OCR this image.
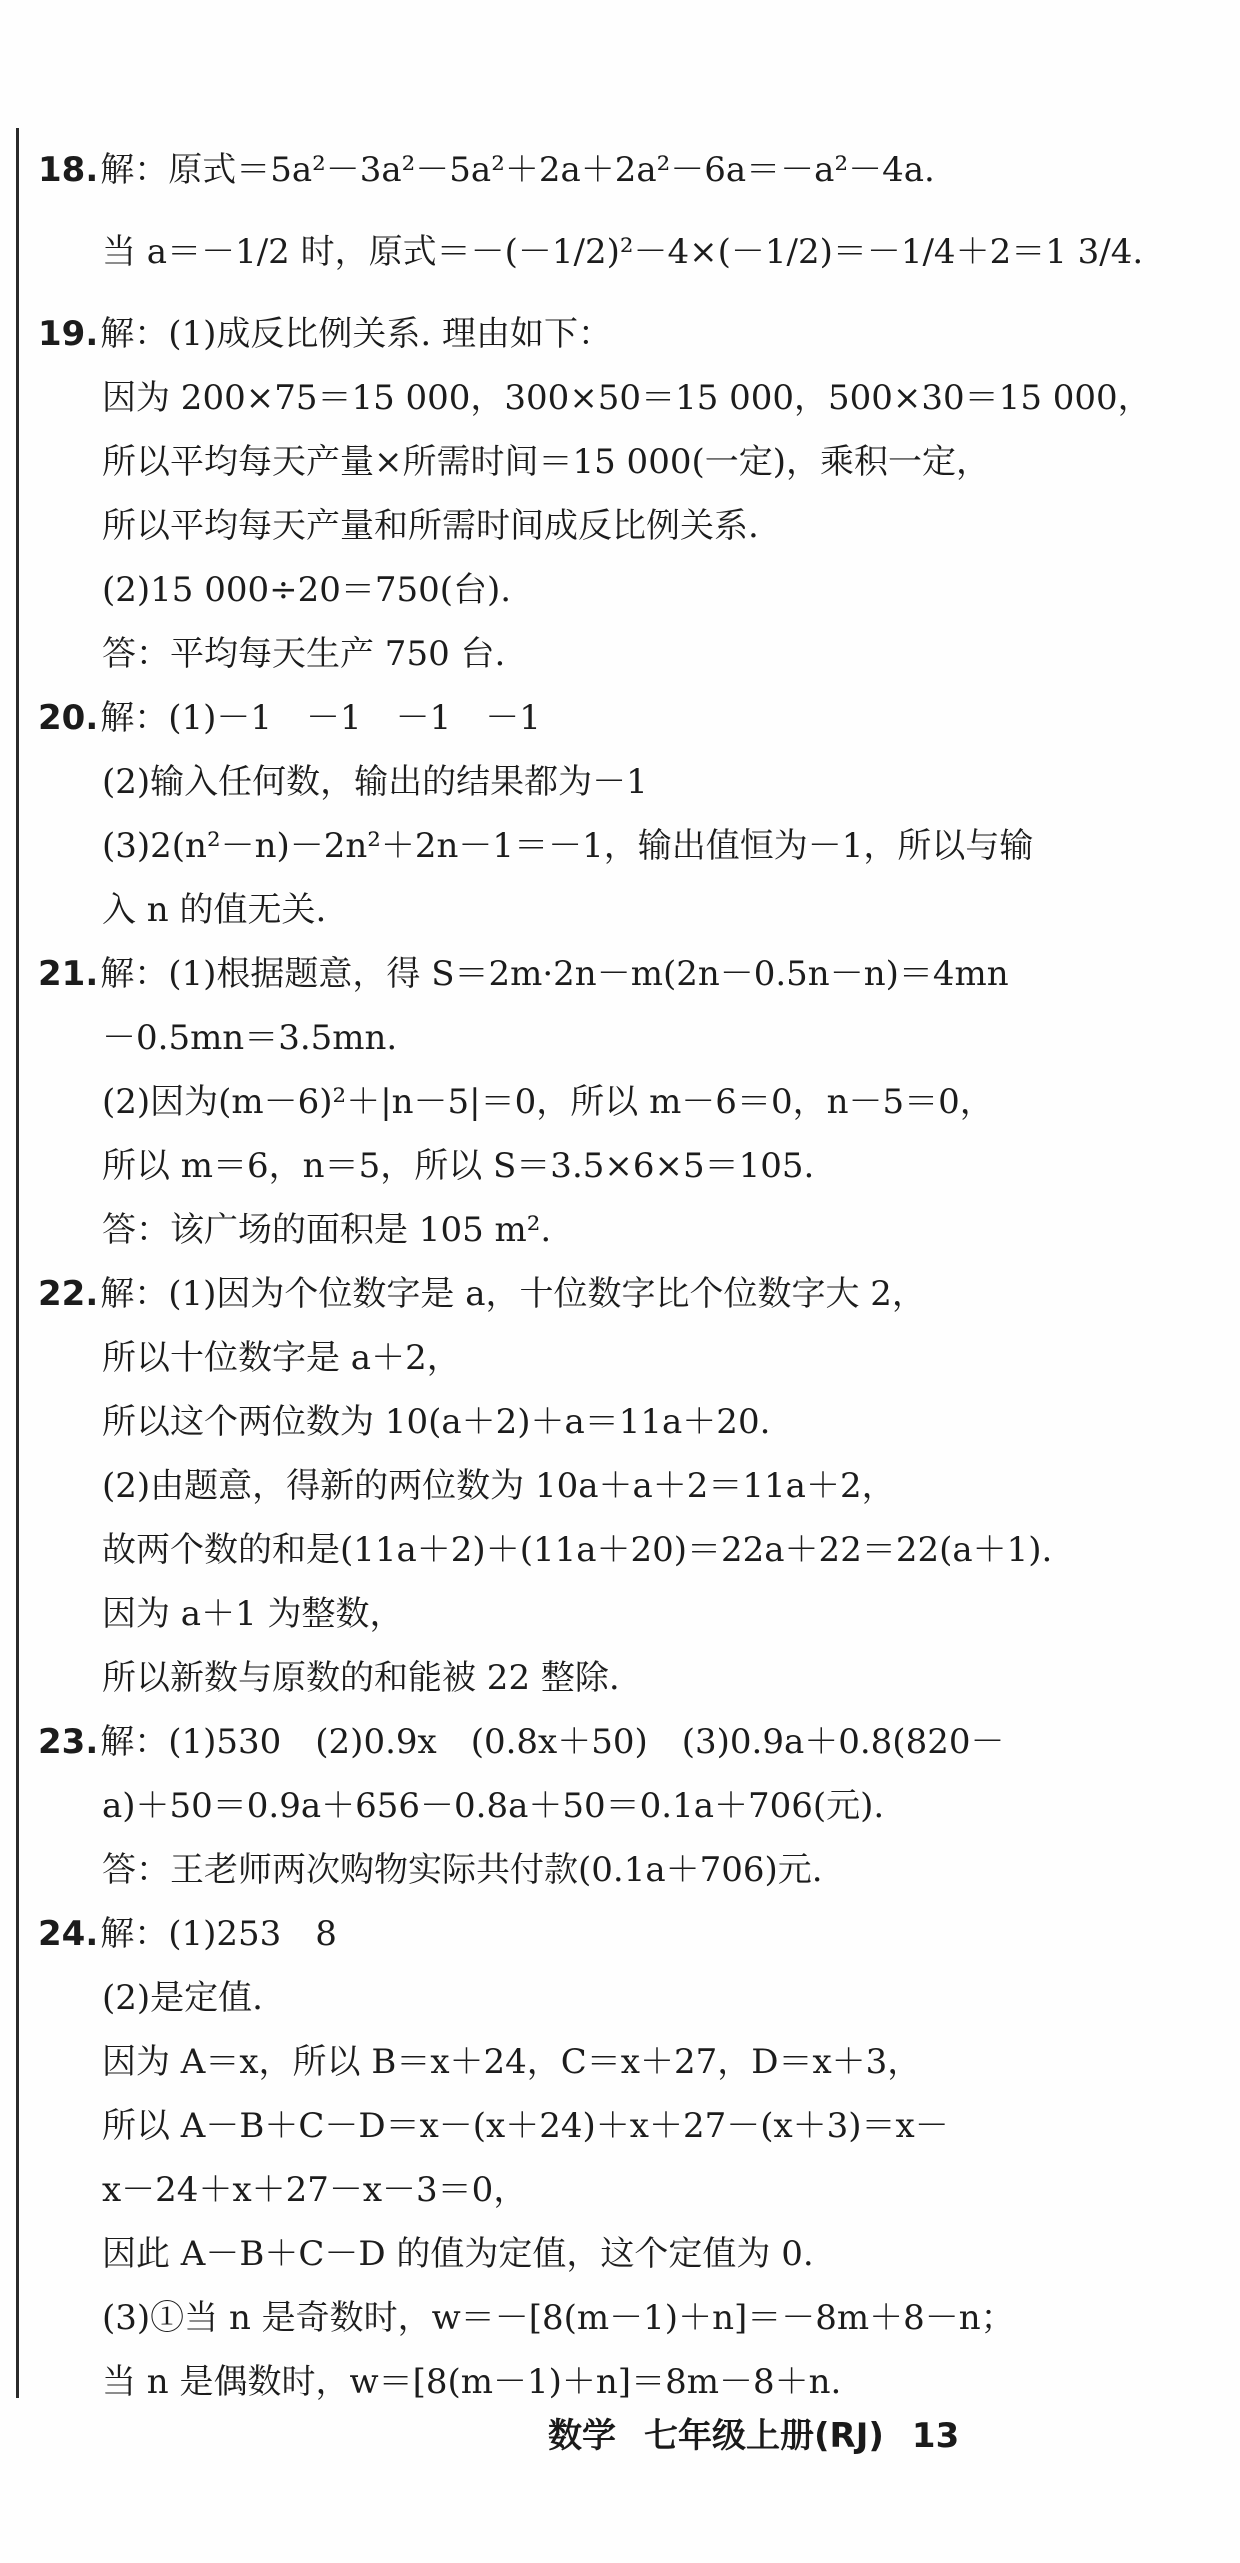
18.解：原式＝5a²－3a²－5a²＋2a＋2a²－6a＝－a²－4a.
当 a＝－1/2 时，原式＝－(－1/2)²－4×(－1/2)＝－1/4＋2＝1 3/4.
19.解：(1)成反比例关系. 理由如下：
因为 200×75＝15 000，300×50＝15 000，500×30＝15 000，
所以平均每天产量×所需时间＝15 000(一定)，乘积一定，
所以平均每天产量和所需时间成反比例关系.
(2)15 000÷20＝750(台).
答：平均每天生产 750 台.
20.解：(1)－1　－1　－1　－1
(2)输入任何数，输出的结果都为－1
(3)2(n²－n)－2n²＋2n－1＝－1，输出值恒为－1，所以与输
入 n 的值无关.
21.解：(1)根据题意，得 S＝2m·2n－m(2n－0.5n－n)＝4mn
－0.5mn＝3.5mn.
(2)因为(m－6)²＋|n－5|＝0，所以 m－6＝0，n－5＝0，
所以 m＝6，n＝5，所以 S＝3.5×6×5＝105.
答：该广场的面积是 105 m².
22.解：(1)因为个位数字是 a，十位数字比个位数字大 2，
所以十位数字是 a＋2，
所以这个两位数为 10(a＋2)＋a＝11a＋20.
(2)由题意，得新的两位数为 10a＋a＋2＝11a＋2，
故两个数的和是(11a＋2)＋(11a＋20)＝22a＋22＝22(a＋1).
因为 a＋1 为整数，
所以新数与原数的和能被 22 整除.
23.解：(1)530　(2)0.9x　(0.8x＋50)　(3)0.9a＋0.8(820－
a)＋50＝0.9a＋656－0.8a＋50＝0.1a＋706(元).
答：王老师两次购物实际共付款(0.1a＋706)元.
24.解：(1)253　8
(2)是定值.
因为 A＝x，所以 B＝x＋24，C＝x＋27，D＝x＋3，
所以 A－B＋C－D＝x－(x＋24)＋x＋27－(x＋3)＝x－
x－24＋x＋27－x－3＝0，
因此 A－B＋C－D 的值为定值，这个定值为 0.
(3)①当 n 是奇数时，w＝－[8(m－1)＋n]＝－8m＋8－n；
当 n 是偶数时，w＝[8(m－1)＋n]＝8m－8＋n.
数学 七年级上册(RJ) 13
